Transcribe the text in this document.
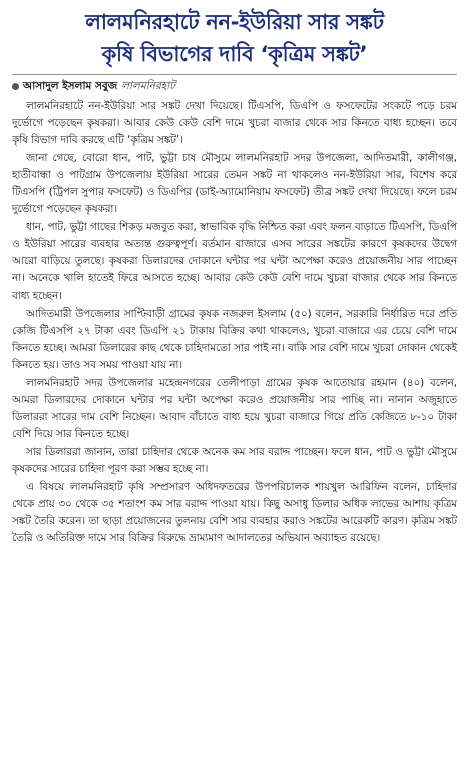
লালমনিরহাটে নন-ইউরিয়া সার সঙ্কট
কৃষি বিভাগের দাবি ‘কৃত্রিম সঙ্কট’
আসাদুল ইসলাম সবুজ লালমনিরহাট

লালমনিরহাটে নন-ইউরিয়া সার সঙ্কট দেখা দিয়েছে। টিএসপি, ডিএপি ও ফসফেটের সংকটে পড়ে চরম দুর্ভোগে পড়েছেন কৃষকরা। আবার কেউ কেউ বেশি দামে খুচরা বাজার থেকে সার কিনতে বাধ্য হচ্ছেন। তবে কৃষি বিভাগ দাবি করছে এটি ‘কৃত্রিম সঙ্কট’।

জানা গেছে, বোরো ধান, পাট, ভুট্টা চাষ মৌসুমে লালমনিরহাট সদর উপজেলা, আদিতমারী, কালীগঞ্জ, হাতীবান্ধা ও পাটগ্রাম উপজেলায় ইউরিয়া সারের তেমন সঙ্কট না থাকলেও নন-ইউরিয়া সার, বিশেষ করে টিএসপি (ট্রিপল সুপার ফসফেট) ও ডিএপির (ডাই-অ্যামোনিয়াম ফসফেট) তীব্র সঙ্কট দেখা দিয়েছে। ফলে চরম দুর্ভোগে পড়েছেন কৃষকরা।

ধান, পাট, ভুট্টা গাছের শিকড় মজবুত করা, স্বাভাবিক বৃদ্ধি নিশ্চিত করা এবং ফলন বাড়াতে টিএসপি, ডিএপি ও ইউরিয়া সারের ব্যবহার অত্যন্ত গুরুত্বপূর্ণ। বর্তমান বাজারে এসব সারের সঙ্কটের কারণে কৃষকদের উদ্বেগ আরো বাড়িয়ে তুলছে। কৃষকরা ডিলারদের দোকানে ঘন্টার পর ঘন্টা অপেক্ষা করেও প্রয়োজনীয় সার পাচ্ছেন না। অনেকে খালি হাতেই ফিরে আসতে হচ্ছে। আবার কেউ কেউ বেশি দামে খুচরা বাজার থেকে সার কিনতে বাধ্য হচ্ছেন।

আদিতমারী উপজেলার সাপ্টিবাড়ী গ্রামের কৃষক নজরুল ইসলাম (৫০) বলেন, সরকারি নির্ধারিত দরে প্রতি কেজি টিএসপি ২৭ টাকা এবং ডিএপি ২১ টাকায় বিক্রির কথা থাকলেও, খুচরা বাজারে এর চেয়ে বেশি দামে কিনতে হচ্ছে। আমরা ডিলারের কাছ থেকে চাহিদামতো সার পাই না। বাকি সার বেশি দামে খুচরা দোকান থেকেই কিনতে হয়। তাও সব সময় পাওয়া যায় না।

লালমনিরহাট সদর উপজেলার মহেন্দ্রনগরের তেলীপাড়া গ্রামের কৃষক আতোয়ার রহমান (৪০) বলেন, আমরা ডিলারদের দোকানে ঘন্টার পর ঘন্টা অপেক্ষা করেও প্রয়োজনীয় সার পাচ্ছি না। নানান অজুহাতে ডিলাররা সারের দাম বেশি নিচ্ছেন। আবাদ বাঁচাতে বাধ্য হয়ে খুচরা বাজারে গিয়ে প্রতি কেজিতে ৮-১০ টাকা বেশি দিয়ে সার কিনতে হচ্ছে।

সার ডিলাররা জানান, তারা চাহিদার থেকে অনেক কম সার বরাদ্দ পাচ্ছেন। ফলে ধান, পাট ও ভুট্টা মৌসুমে কৃষকদের সারের চাহিদা পূরণ করা সম্ভব হচ্ছে না।

এ বিষয়ে লালমনিরহাট কৃষি সম্প্রসারণ অধিদফতরের উপপরিচালক শায়খুল আরিফিন বলেন, চাহিদার থেকে প্রায় ৩০ থেকে ৩৫ শতাংশ কম সার বরাদ্দ পাওয়া যায়। কিছু অসাধু ডিলার অধিক লাভের আশায় কৃত্রিম সঙ্কট তৈরি করেন। তা ছাড়া প্রয়োজনের তুলনায় বেশি সার ব্যবহার করাও সঙ্কটের আরেকটি কারণ। কৃত্রিম সঙ্কট তৈরি ও অতিরিক্ত দামে সার বিক্রির বিরুদ্ধে ভ্রাম্যমাণ আদালতের অভিযান অব্যাহত রয়েছে।
